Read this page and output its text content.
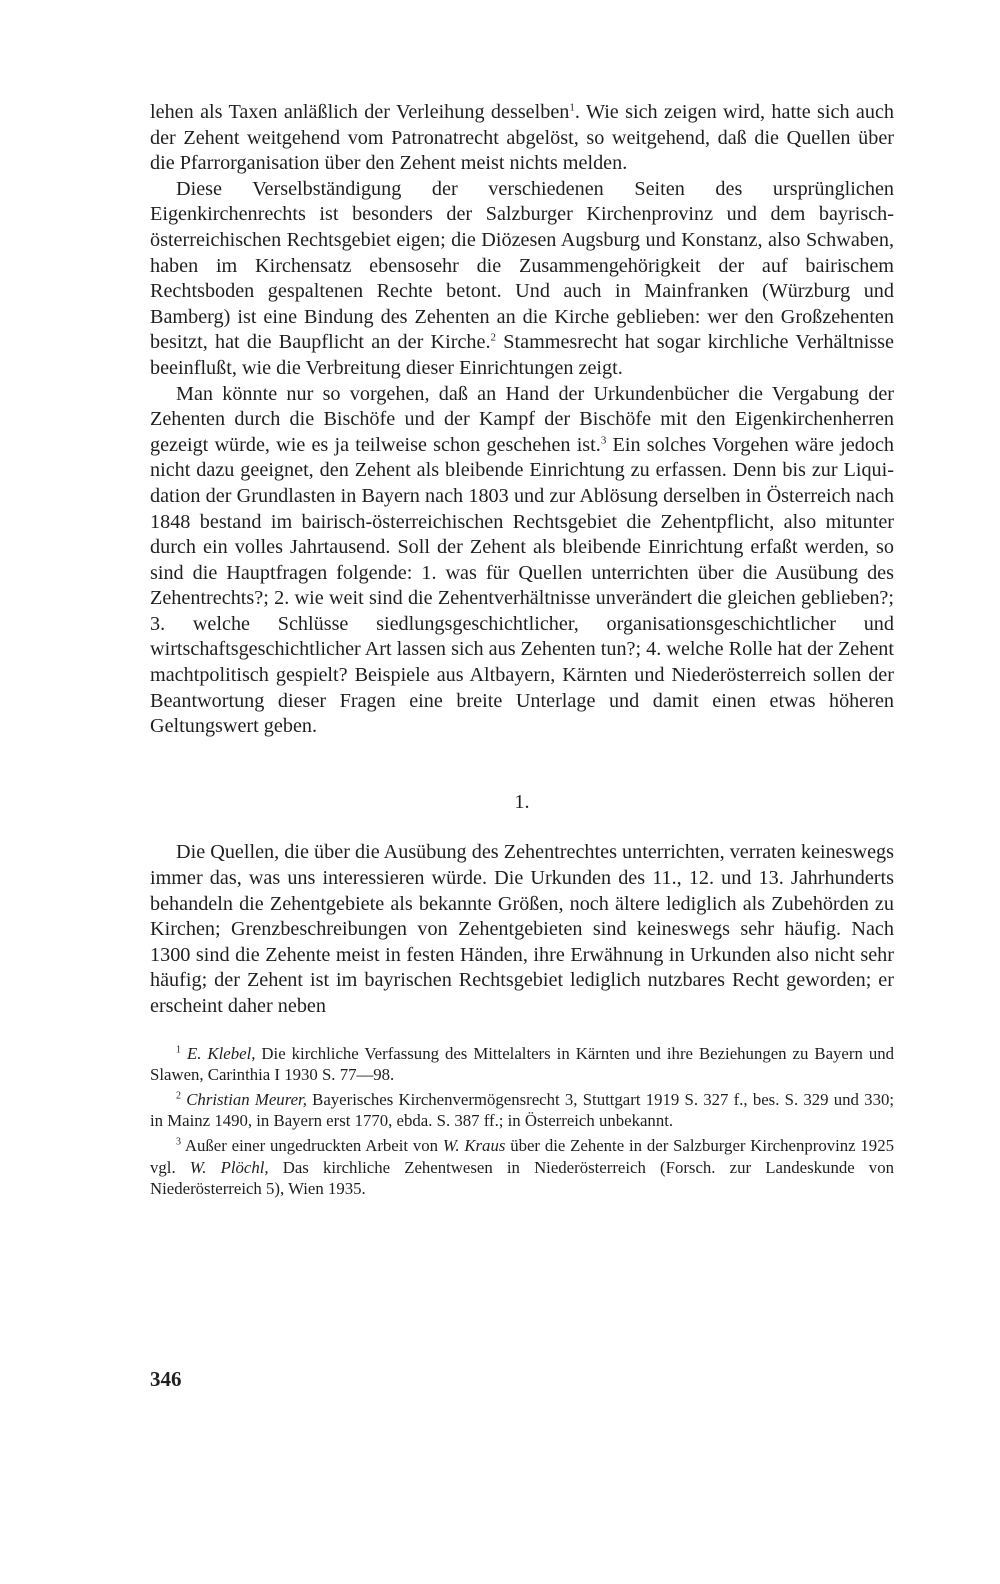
lehen als Taxen anläßlich der Verleihung desselben$^1$. Wie sich zeigen wird, hatte sich auch der Zehent weitgehend vom Patronatrecht abgelöst, so weitgehend, daß die Quellen über die Pfarrorganisation über den Zehent meist nichts melden.

Diese Verselbständigung der verschiedenen Seiten des ursprünglichen Eigenkirchenrechts ist besonders der Salzburger Kirchenprovinz und dem bayrisch-österreichischen Rechtsgebiet eigen; die Diözesen Augsburg und Konstanz, also Schwaben, haben im Kirchensatz ebensosehr die Zusammengehörigkeit der auf bairischem Rechtsboden gespaltenen Rechte betont. Und auch in Mainfranken (Würzburg und Bamberg) ist eine Bindung des Zehenten an die Kirche geblieben: wer den Großzehenten besitzt, hat die Baupflicht an der Kirche.$^2$ Stammesrecht hat sogar kirchliche Verhältnisse beeinflußt, wie die Verbreitung dieser Einrichtungen zeigt.

Man könnte nur so vorgehen, daß an Hand der Urkundenbücher die Vergabung der Zehenten durch die Bischöfe und der Kampf der Bischöfe mit den Eigenkirchenherren gezeigt würde, wie es ja teilweise schon geschehen ist.$^3$ Ein solches Vorgehen wäre jedoch nicht dazu geeignet, den Zehent als bleibende Einrichtung zu erfassen. Denn bis zur Liquidation der Grundlasten in Bayern nach 1803 und zur Ablösung derselben in Österreich nach 1848 bestand im bairisch-österreichischen Rechtsgebiet die Zehentpflicht, also mitunter durch ein volles Jahrtausend. Soll der Zehent als bleibende Einrichtung erfaßt werden, so sind die Hauptfragen folgende: 1. was für Quellen unterrichten über die Ausübung des Zehentrechts?; 2. wie weit sind die Zehentverhältnisse unverändert die gleichen geblieben?; 3. welche Schlüsse siedlungsgeschichtlicher, organisationsgeschichtlicher und wirtschaftsgeschichtlicher Art lassen sich aus Zehenten tun?; 4. welche Rolle hat der Zehent machtpolitisch gespielt? Beispiele aus Altbayern, Kärnten und Niederösterreich sollen der Beantwortung dieser Fragen eine breite Unterlage und damit einen etwas höheren Geltungswert geben.

1.

Die Quellen, die über die Ausübung des Zehentrechtes unterrichten, verraten keineswegs immer das, was uns interessieren würde. Die Urkunden des 11., 12. und 13. Jahrhunderts behandeln die Zehentgebiete als bekannte Größen, noch ältere lediglich als Zubehörden zu Kirchen; Grenzbeschreibungen von Zehentgebieten sind keineswegs sehr häufig. Nach 1300 sind die Zehente meist in festen Händen, ihre Erwähnung in Urkunden also nicht sehr häufig; der Zehent ist im bayrischen Rechtsgebiet lediglich nutzbares Recht geworden; er erscheint daher neben

$^1$ E. Klebel, Die kirchliche Verfassung des Mittelalters in Kärnten und ihre Beziehungen zu Bayern und Slawen, Carinthia I 1930 S. 77—98.

$^2$ Christian Meurer, Bayerisches Kirchenvermögensrecht 3, Stuttgart 1919 S. 327 f., bes. S. 329 und 330; in Mainz 1490, in Bayern erst 1770, ebda. S. 387 ff.; in Österreich unbekannt.

$^3$ Außer einer ungedruckten Arbeit von W. Kraus über die Zehente in der Salzburger Kirchenprovinz 1925 vgl. W. Plöchl, Das kirchliche Zehentwesen in Niederösterreich (Forsch. zur Landeskunde von Niederösterreich 5), Wien 1935.

346
